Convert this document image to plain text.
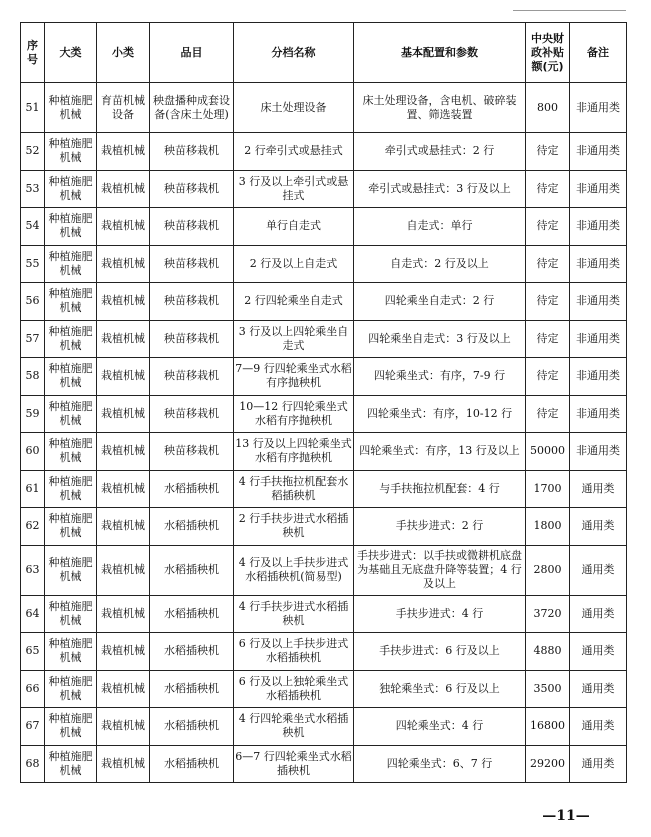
序号	大类	小类	品目	分档名称	基本配置和参数	中央财政补贴额(元)	备注
51	种植施肥机械	育苗机械设备	秧盘播种成套设备(含床土处理)	床土处理设备	床土处理设备，含电机、破碎装置、筛选装置	800	非通用类
52	种植施肥机械	栽植机械	秧苗移栽机	2 行牵引式或悬挂式	牵引式或悬挂式：2 行	待定	非通用类
53	种植施肥机械	栽植机械	秧苗移栽机	3 行及以上牵引式或悬挂式	牵引式或悬挂式：3 行及以上	待定	非通用类
54	种植施肥机械	栽植机械	秧苗移栽机	单行自走式	自走式：单行	待定	非通用类
55	种植施肥机械	栽植机械	秧苗移栽机	2 行及以上自走式	自走式：2 行及以上	待定	非通用类
56	种植施肥机械	栽植机械	秧苗移栽机	2 行四轮乘坐自走式	四轮乘坐自走式：2 行	待定	非通用类
57	种植施肥机械	栽植机械	秧苗移栽机	3 行及以上四轮乘坐自走式	四轮乘坐自走式：3 行及以上	待定	非通用类
58	种植施肥机械	栽植机械	秧苗移栽机	7—9 行四轮乘坐式水稻有序抛秧机	四轮乘坐式：有序，7-9 行	待定	非通用类
59	种植施肥机械	栽植机械	秧苗移栽机	10—12 行四轮乘坐式水稻有序抛秧机	四轮乘坐式：有序，10-12 行	待定	非通用类
60	种植施肥机械	栽植机械	秧苗移栽机	13 行及以上四轮乘坐式水稻有序抛秧机	四轮乘坐式：有序，13 行及以上	50000	非通用类
61	种植施肥机械	栽植机械	水稻插秧机	4 行手扶拖拉机配套水稻插秧机	与手扶拖拉机配套：4 行	1700	通用类
62	种植施肥机械	栽植机械	水稻插秧机	2 行手扶步进式水稻插秧机	手扶步进式：2 行	1800	通用类
63	种植施肥机械	栽植机械	水稻插秧机	4 行及以上手扶步进式水稻插秧机(简易型)	手扶步进式：以手扶或微耕机底盘为基础且无底盘升降等装置；4 行及以上	2800	通用类
64	种植施肥机械	栽植机械	水稻插秧机	4 行手扶步进式水稻插秧机	手扶步进式：4 行	3720	通用类
65	种植施肥机械	栽植机械	水稻插秧机	6 行及以上手扶步进式水稻插秧机	手扶步进式：6 行及以上	4880	通用类
66	种植施肥机械	栽植机械	水稻插秧机	6 行及以上独轮乘坐式水稻插秧机	独轮乘坐式：6 行及以上	3500	通用类
67	种植施肥机械	栽植机械	水稻插秧机	4 行四轮乘坐式水稻插秧机	四轮乘坐式：4 行	16800	通用类
68	种植施肥机械	栽植机械	水稻插秧机	6—7 行四轮乘坐式水稻插秧机	四轮乘坐式：6、7 行	29200	通用类
—11—
